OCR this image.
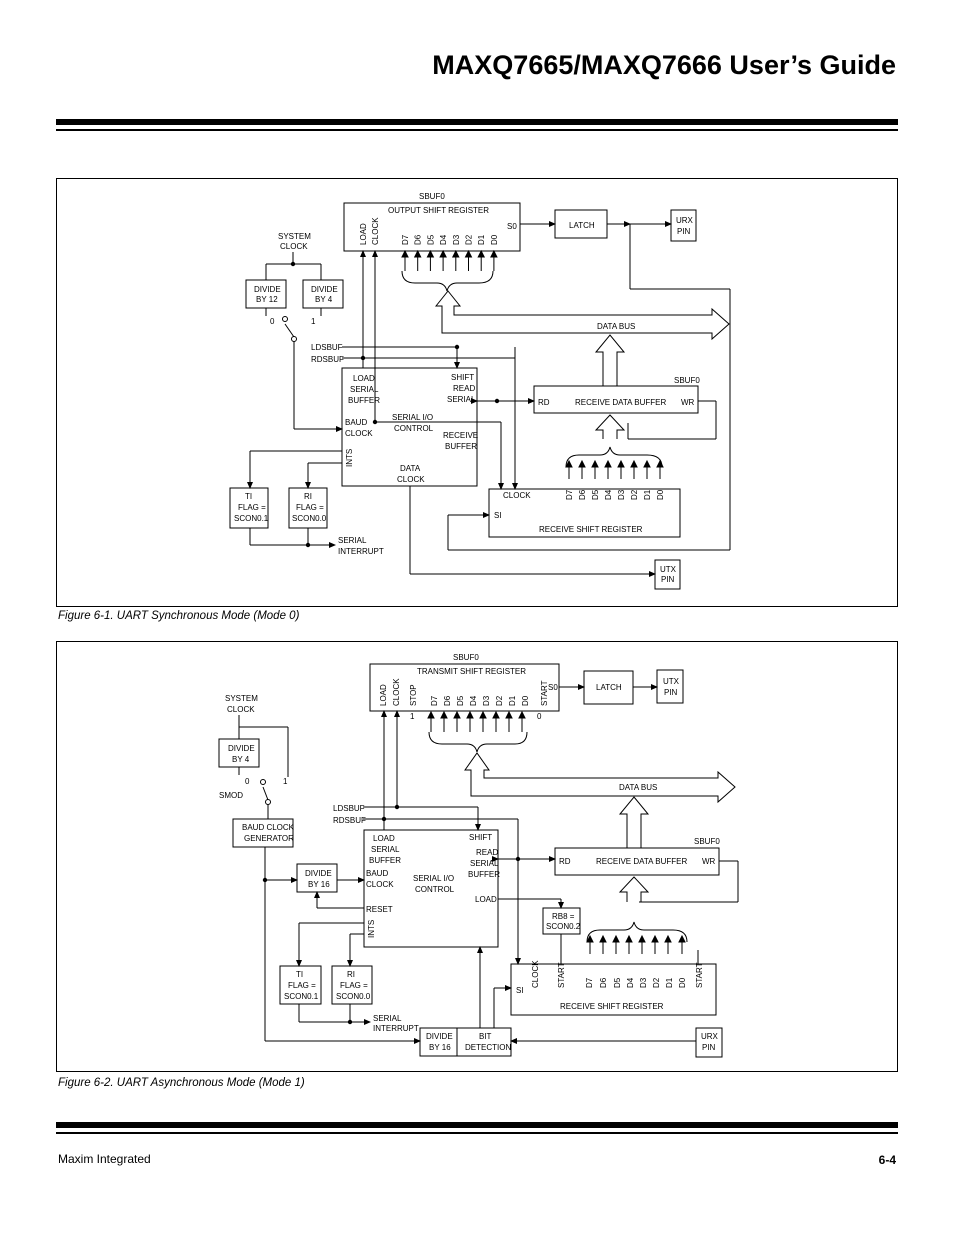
MAXQ7665/MAXQ7666 User’s Guide
SBUF0
OUTPUT SHIFT REGISTER
LOAD CLOCK	S0
D7 D6 D5 D4 D3 D2 D1 D0
LATCH
URX
PIN
SYSTEM
CLOCK
DIVIDE
BY 12
DIVIDE
BY 4
0	1
LDSBUF
RDSBUF
DATA BUS
LOAD
SERIAL
BUFFER
SHIFT
READ
SERIAL
BAUD
CLOCK
SERIAL I/O
CONTROL
RECEIVE
BUFFER
INTS
DATA
CLOCK
SBUF0
RD	RECEIVE DATA BUFFER WR
TI
FLAG =
SCON0.1
RI
FLAG =
SCON0.0
SERIAL
INTERRUPT
CLOCK	D7 D6 D5 D4 D3 D2 D1 D0
SI
RECEIVE SHIFT REGISTER
UTX
PIN
Figure 6-1. UART Synchronous Mode (Mode 0)
SBUF0
TRANSMIT SHIFT REGISTER
LOAD CLOCK STOP D7 D6 D5 D4 D3 D2 D1 D0 START S0
1	0
LATCH
UTX
PIN
SYSTEM
CLOCK
DIVIDE
BY 4
0	1
SMOD
BAUD CLOCK
GENERATOR
LDSBUF
RDSBUF
DATA BUS
LOAD
SERIAL
BUFFER
SHIFT
READ
SERIAL
BUFFER
BAUD
CLOCK
SERIAL I/O
CONTROL
LOAD
RESET
INTS
DIVIDE
BY 16
SBUF0
RD	RECEIVE DATA BUFFER WR
RB8 =
SCON0.2
TI
FLAG =
SCON0.1
RI
FLAG =
SCON0.0
SERIAL
INTERRUPT
CLOCK START D7 D6 D5 D4 D3 D2 D1 D0 START
SI
RECEIVE SHIFT REGISTER
DIVIDE
BY 16
BIT
DETECTION
URX
PIN
Figure 6-2. UART Asynchronous Mode (Mode 1)
Maxim Integrated	6-4
